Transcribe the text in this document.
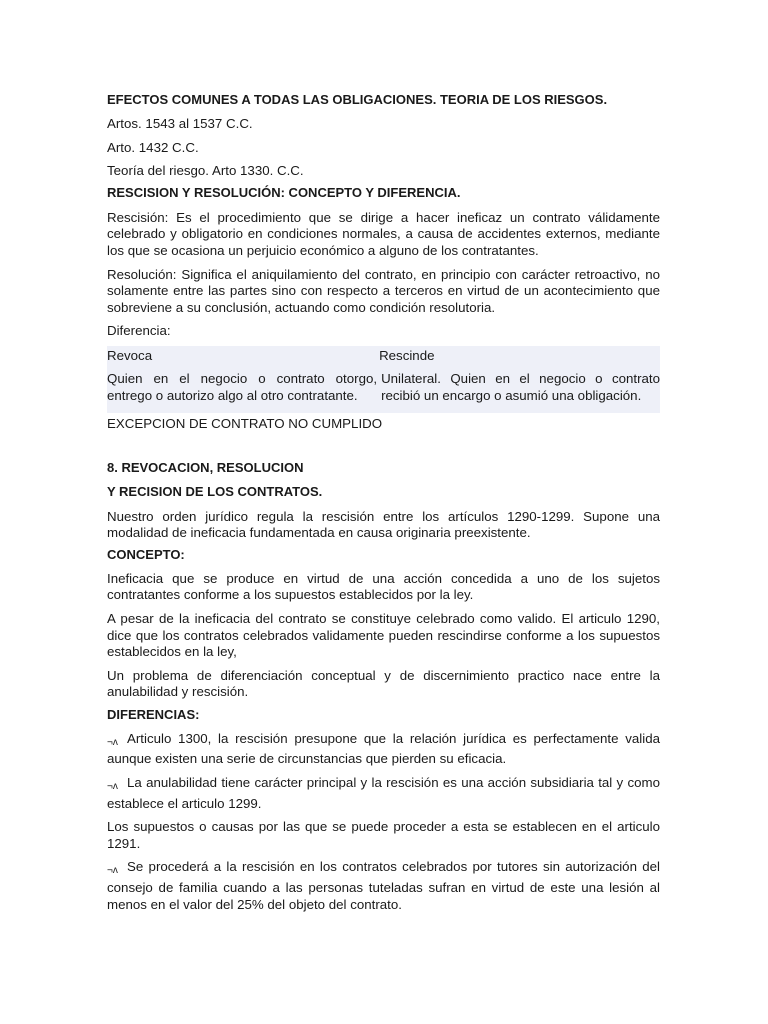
EFECTOS COMUNES A TODAS LAS OBLIGACIONES. TEORIA DE LOS RIESGOS.

Artos. 1543 al 1537 C.C.

Arto. 1432 C.C.

Teoría del riesgo. Arto 1330. C.C.

RESCISION Y RESOLUCIÓN: CONCEPTO Y DIFERENCIA.

Rescisión: Es el procedimiento que se dirige a hacer ineficaz un contrato válidamente celebrado y obligatorio en condiciones normales, a causa de accidentes externos, mediante los que se ocasiona un perjuicio económico a alguno de los contratantes.

Resolución: Significa el aniquilamiento del contrato, en principio con carácter retroactivo, no solamente entre las partes sino con respecto a terceros en virtud de un acontecimiento que sobreviene a su conclusión, actuando como condición resolutoria.

Diferencia:

Revoca	Rescinde
Quien en el negocio o contrato otorgo, entrego o autorizo algo al otro contratante.	Unilateral. Quien en el negocio o contrato recibió un encargo o asumió una obligación.

EXCEPCION DE CONTRATO NO CUMPLIDO

8. REVOCACION, RESOLUCION

Y RECISION DE LOS CONTRATOS.

Nuestro orden jurídico regula la rescisión entre los artículos 1290-1299. Supone una modalidad de ineficacia fundamentada en causa originaria preexistente.

CONCEPTO:

Ineficacia que se produce en virtud de una acción concedida a uno de los sujetos contratantes conforme a los supuestos establecidos por la ley.

A pesar de la ineficacia del contrato se constituye celebrado como valido. El articulo 1290, dice que los contratos celebrados validamente pueden rescindirse conforme a los supuestos establecidos en la ley,

Un problema de diferenciación conceptual y de discernimiento practico nace entre la anulabilidad y rescisión.

DIFERENCIAS:

¬ʌ Articulo 1300, la rescisión presupone que la relación jurídica es perfectamente valida aunque existen una serie de circunstancias que pierden su eficacia.

¬ʌ La anulabilidad tiene carácter principal y la rescisión es una acción subsidiaria tal y como establece el articulo 1299.

Los supuestos o causas por las que se puede proceder a esta se establecen en el articulo 1291.

¬ʌ Se procederá a la rescisión en los contratos celebrados por tutores sin autorización del consejo de familia cuando a las personas tuteladas sufran en virtud de este una lesión al menos en el valor del 25% del objeto del contrato.
